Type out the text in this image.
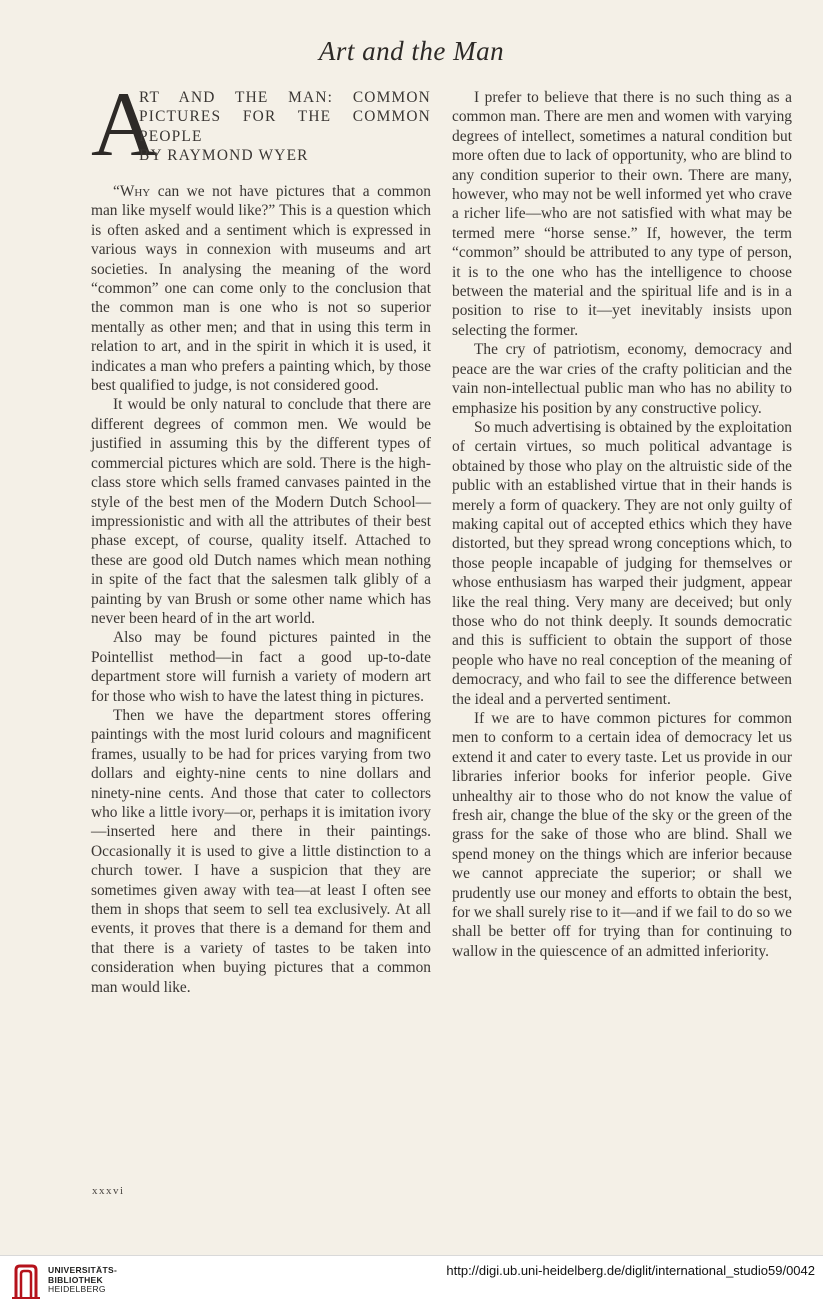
Art and the Man
A
RT AND THE MAN: COMMON
PICTURES FOR THE COMMON
PEOPLE
BY RAYMOND WYER

“Why can we not have pictures that a common man like myself would like?” This is a question which is often asked and a sentiment which is expressed in various ways in connexion with museums and art societies. In analysing the meaning of the word “common” one can come only to the conclusion that the common man is one who is not so superior mentally as other men; and that in using this term in relation to art, and in the spirit in which it is used, it indicates a man who prefers a painting which, by those best qualified to judge, is not considered good.

It would be only natural to conclude that there are different degrees of common men. We would be justified in assuming this by the different types of commercial pictures which are sold. There is the high-class store which sells framed canvases painted in the style of the best men of the Modern Dutch School—impressionistic and with all the attributes of their best phase except, of course, quality itself. Attached to these are good old Dutch names which mean nothing in spite of the fact that the salesmen talk glibly of a painting by van Brush or some other name which has never been heard of in the art world.

Also may be found pictures painted in the Pointellist method—in fact a good up-to-date department store will furnish a variety of modern art for those who wish to have the latest thing in pictures.

Then we have the department stores offering paintings with the most lurid colours and magnificent frames, usually to be had for prices varying from two dollars and eighty-nine cents to nine dollars and ninety-nine cents. And those that cater to collectors who like a little ivory—or, perhaps it is imitation ivory—inserted here and there in their paintings. Occasionally it is used to give a little distinction to a church tower. I have a suspicion that they are sometimes given away with tea—at least I often see them in shops that seem to sell tea exclusively. At all events, it proves that there is a demand for them and that there is a variety of tastes to be taken into consideration when buying pictures that a common man would like.

I prefer to believe that there is no such thing as a common man. There are men and women with varying degrees of intellect, sometimes a natural condition but more often due to lack of opportunity, who are blind to any condition superior to their own. There are many, however, who may not be well informed yet who crave a richer life—who are not satisfied with what may be termed mere “horse sense.” If, however, the term “common” should be attributed to any type of person, it is to the one who has the intelligence to choose between the material and the spiritual life and is in a position to rise to it—yet inevitably insists upon selecting the former.

The cry of patriotism, economy, democracy and peace are the war cries of the crafty politician and the vain non-intellectual public man who has no ability to emphasize his position by any constructive policy.

So much advertising is obtained by the exploitation of certain virtues, so much political advantage is obtained by those who play on the altruistic side of the public with an established virtue that in their hands is merely a form of quackery. They are not only guilty of making capital out of accepted ethics which they have distorted, but they spread wrong conceptions which, to those people incapable of judging for themselves or whose enthusiasm has warped their judgment, appear like the real thing. Very many are deceived; but only those who do not think deeply. It sounds democratic and this is sufficient to obtain the support of those people who have no real conception of the meaning of democracy, and who fail to see the difference between the ideal and a perverted sentiment.

If we are to have common pictures for common men to conform to a certain idea of democracy let us extend it and cater to every taste. Let us provide in our libraries inferior books for inferior people. Give unhealthy air to those who do not know the value of fresh air, change the blue of the sky or the green of the grass for the sake of those who are blind. Shall we spend money on the things which are inferior because we cannot appreciate the superior; or shall we prudently use our money and efforts to obtain the best, for we shall surely rise to it—and if we fail to do so we shall be better off for trying than for continuing to wallow in the quiescence of an admitted inferiority.

xxxvi
UNIVERSITÄTS-
BIBLIOTHEK
HEIDELBERG
http://digi.ub.uni-heidelberg.de/diglit/international_studio59/0042
